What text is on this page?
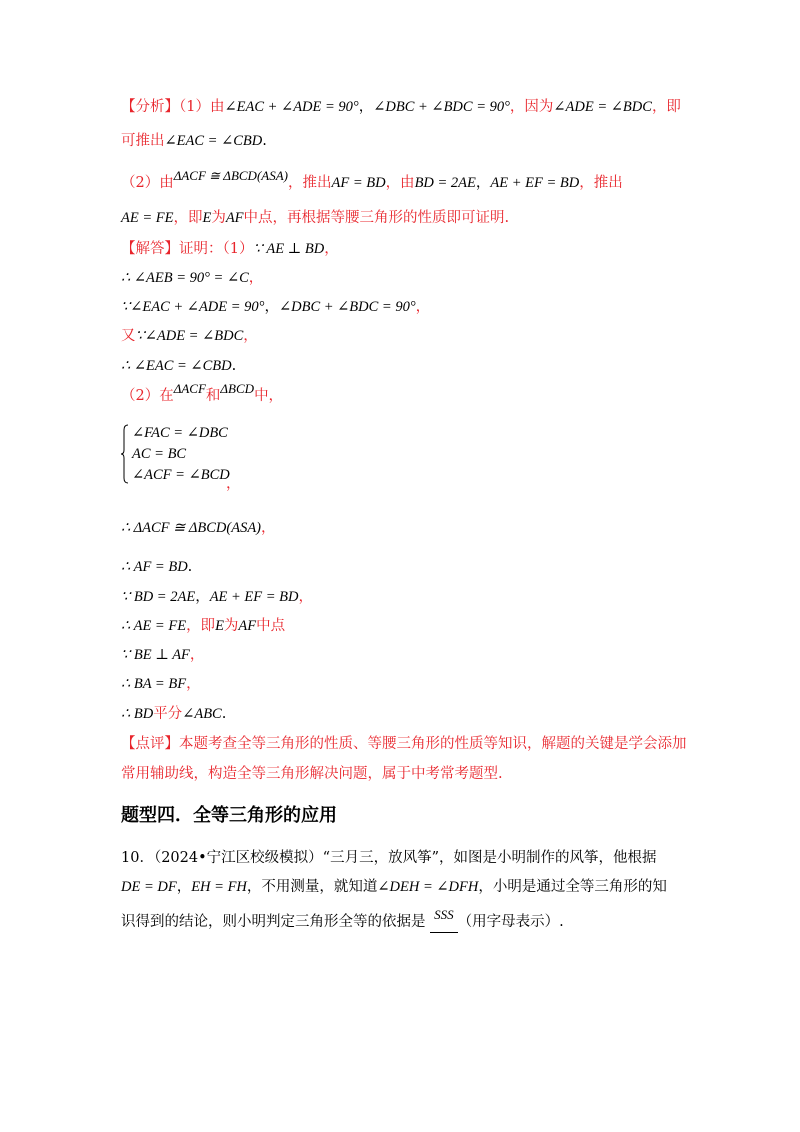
【分析】（1）由∠EAC + ∠ADE = 90°，∠DBC + ∠BDC = 90°，因为∠ADE = ∠BDC，即
可推出∠EAC = ∠CBD.
（2）由ΔACF ≅ ΔBCD(ASA)，推出AF = BD，由BD = 2AE，AE + EF = BD，推出
AE = FE，即E为AF中点，再根据等腰三角形的性质即可证明.
【解答】证明：（1）∵ AE ⊥ BD，
∴ ∠AEB = 90° = ∠C，
∵∠EAC + ∠ADE = 90°，∠DBC + ∠BDC = 90°，
又∵∠ADE = ∠BDC，
∴ ∠EAC = ∠CBD.
（2）在ΔACF和ΔBCD中，
∠FAC = ∠DBC
AC = BC
∠ACF = ∠BCD
，
∴ ΔACF ≅ ΔBCD(ASA)，
∴ AF = BD.
∵ BD = 2AE，AE + EF = BD，
∴ AE = FE，即E为AF中点
∵ BE ⊥ AF，
∴ BA = BF，
∴ BD平分∠ABC.
【点评】本题考查全等三角形的性质、等腰三角形的性质等知识，解题的关键是学会添加
常用辅助线，构造全等三角形解决问题，属于中考常考题型.
题型四．全等三角形的应用
10．（2024•宁江区校级模拟）“三月三，放风筝”，如图是小明制作的风筝，他根据
DE = DF，EH = FH，不用测量，就知道∠DEH = ∠DFH，小明是通过全等三角形的知
识得到的结论，则小明判定三角形全等的依据是 SSS （用字母表示）.
